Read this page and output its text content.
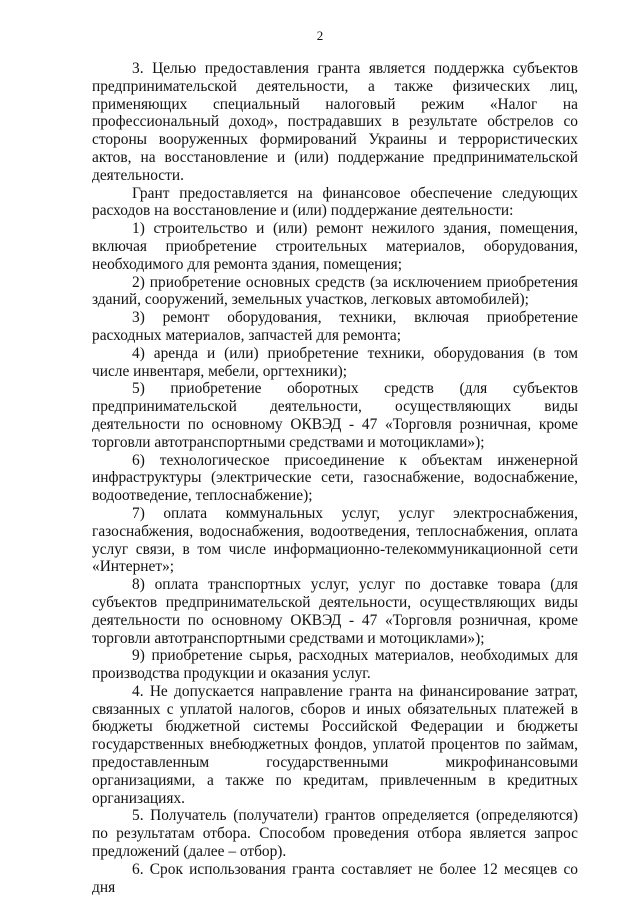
2

3. Целью предоставления гранта является поддержка субъектов предпринимательской деятельности, а также физических лиц, применяющих специальный налоговый режим «Налог на профессиональный доход», пострадавших в результате обстрелов со стороны вооруженных формирований Украины и террористических актов, на восстановление и (или) поддержание предпринимательской деятельности.

Грант предоставляется на финансовое обеспечение следующих расходов на восстановление и (или) поддержание деятельности:

1) строительство и (или) ремонт нежилого здания, помещения, включая приобретение строительных материалов, оборудования, необходимого для ремонта здания, помещения;

2) приобретение основных средств (за исключением приобретения зданий, сооружений, земельных участков, легковых автомобилей);

3) ремонт оборудования, техники, включая приобретение расходных материалов, запчастей для ремонта;

4) аренда и (или) приобретение техники, оборудования (в том числе инвентаря, мебели, оргтехники);

5) приобретение оборотных средств (для субъектов предпринимательской деятельности, осуществляющих виды деятельности по основному ОКВЭД - 47 «Торговля розничная, кроме торговли автотранспортными средствами и мотоциклами»);

6) технологическое присоединение к объектам инженерной инфраструктуры (электрические сети, газоснабжение, водоснабжение, водоотведение, теплоснабжение);

7) оплата коммунальных услуг, услуг электроснабжения, газоснабжения, водоснабжения, водоотведения, теплоснабжения, оплата услуг связи, в том числе информационно-телекоммуникационной сети «Интернет»;

8) оплата транспортных услуг, услуг по доставке товара (для субъектов предпринимательской деятельности, осуществляющих виды деятельности по основному ОКВЭД - 47 «Торговля розничная, кроме торговли автотранспортными средствами и мотоциклами»);

9) приобретение сырья, расходных материалов, необходимых для производства продукции и оказания услуг.

4. Не допускается направление гранта на финансирование затрат, связанных с уплатой налогов, сборов и иных обязательных платежей в бюджеты бюджетной системы Российской Федерации и бюджеты государственных внебюджетных фондов, уплатой процентов по займам, предоставленным государственными микрофинансовыми организациями, а также по кредитам, привлеченным в кредитных организациях.

5. Получатель (получатели) грантов определяется (определяются) по результатам отбора. Способом проведения отбора является запрос предложений (далее – отбор).

6. Срок использования гранта составляет не более 12 месяцев со дня
